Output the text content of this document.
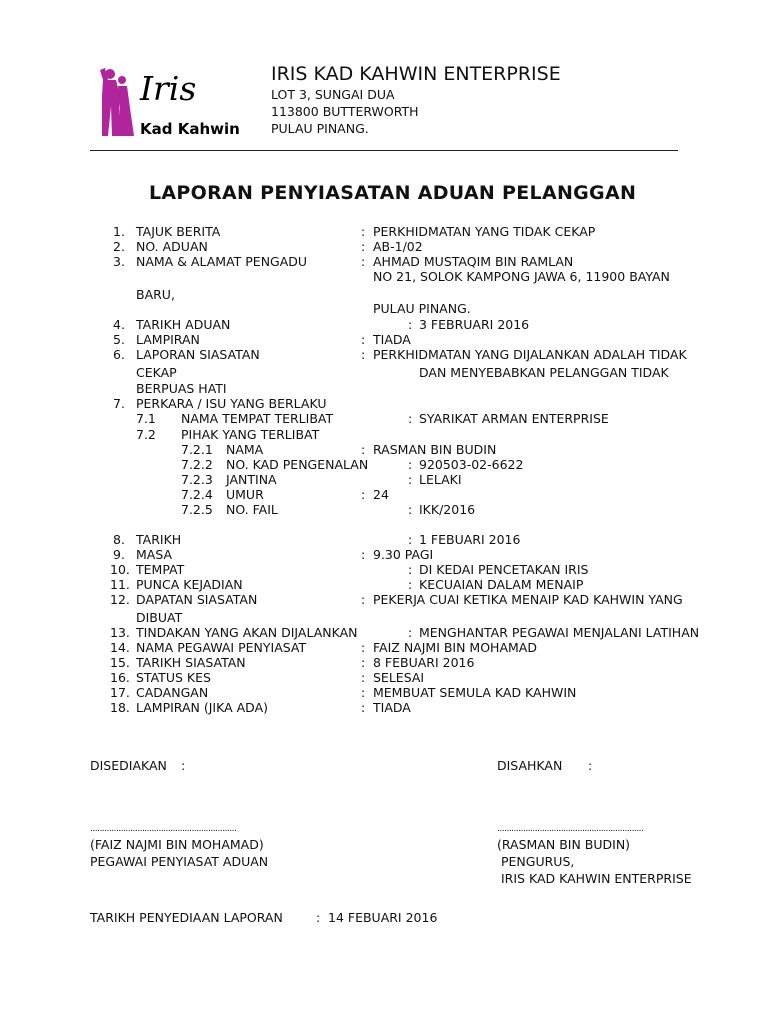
Iris
Kad Kahwin
IRIS KAD KAHWIN ENTERPRISE
LOT 3, SUNGAI DUA
113800 BUTTERWORTH
PULAU PINANG.
LAPORAN PENYIASATAN ADUAN PELANGGAN
1. TAJUK BERITA	: PERKHIDMATAN YANG TIDAK CEKAP
2. NO. ADUAN	: AB-1/02
3. NAMA & ALAMAT PENGADU	: AHMAD MUSTAQIM BIN RAMLAN
NO 21, SOLOK KAMPONG JAWA 6, 11900 BAYAN
BARU,
PULAU PINANG.
4. TARIKH ADUAN	: 3 FEBRUARI 2016
5. LAMPIRAN	: TIADA
6. LAPORAN SIASATAN	: PERKHIDMATAN YANG DIJALANKAN ADALAH TIDAK
CEKAP	DAN MENYEBABKAN PELANGGAN TIDAK
BERPUAS HATI
7. PERKARA / ISU YANG BERLAKU
7.1 NAMA TEMPAT TERLIBAT	: SYARIKAT ARMAN ENTERPRISE
7.2 PIHAK YANG TERLIBAT
7.2.1 NAMA	: RASMAN BIN BUDIN
7.2.2 NO. KAD PENGENALAN	: 920503-02-6622
7.2.3 JANTINA	: LELAKI
7.2.4 UMUR	: 24
7.2.5 NO. FAIL	: IKK/2016
8. TARIKH	: 1 FEBUARI 2016
9. MASA	: 9.30 PAGI
10. TEMPAT	: DI KEDAI PENCETAKAN IRIS
11. PUNCA KEJADIAN	: KECUAIAN DALAM MENAIP
12. DAPATAN SIASATAN	: PEKERJA CUAI KETIKA MENAIP KAD KAHWIN YANG
DIBUAT
13. TINDAKAN YANG AKAN DIJALANKAN	: MENGHANTAR PEGAWAI MENJALANI LATIHAN
14. NAMA PEGAWAI PENYIASAT	: FAIZ NAJMI BIN MOHAMAD
15. TARIKH SIASATAN	: 8 FEBUARI 2016
16. STATUS KES	: SELESAI
17. CADANGAN	: MEMBUAT SEMULA KAD KAHWIN
18. LAMPIRAN (JIKA ADA)	: TIADA
DISEDIAKAN :	DISAHKAN :
..............................................................	..............................................................
(FAIZ NAJMI BIN MOHAMAD)
PEGAWAI PENYIASAT ADUAN
(RASMAN BIN BUDIN)
PENGURUS,
IRIS KAD KAHWIN ENTERPRISE
TARIKH PENYEDIAAN LAPORAN	: 14 FEBUARI 2016
